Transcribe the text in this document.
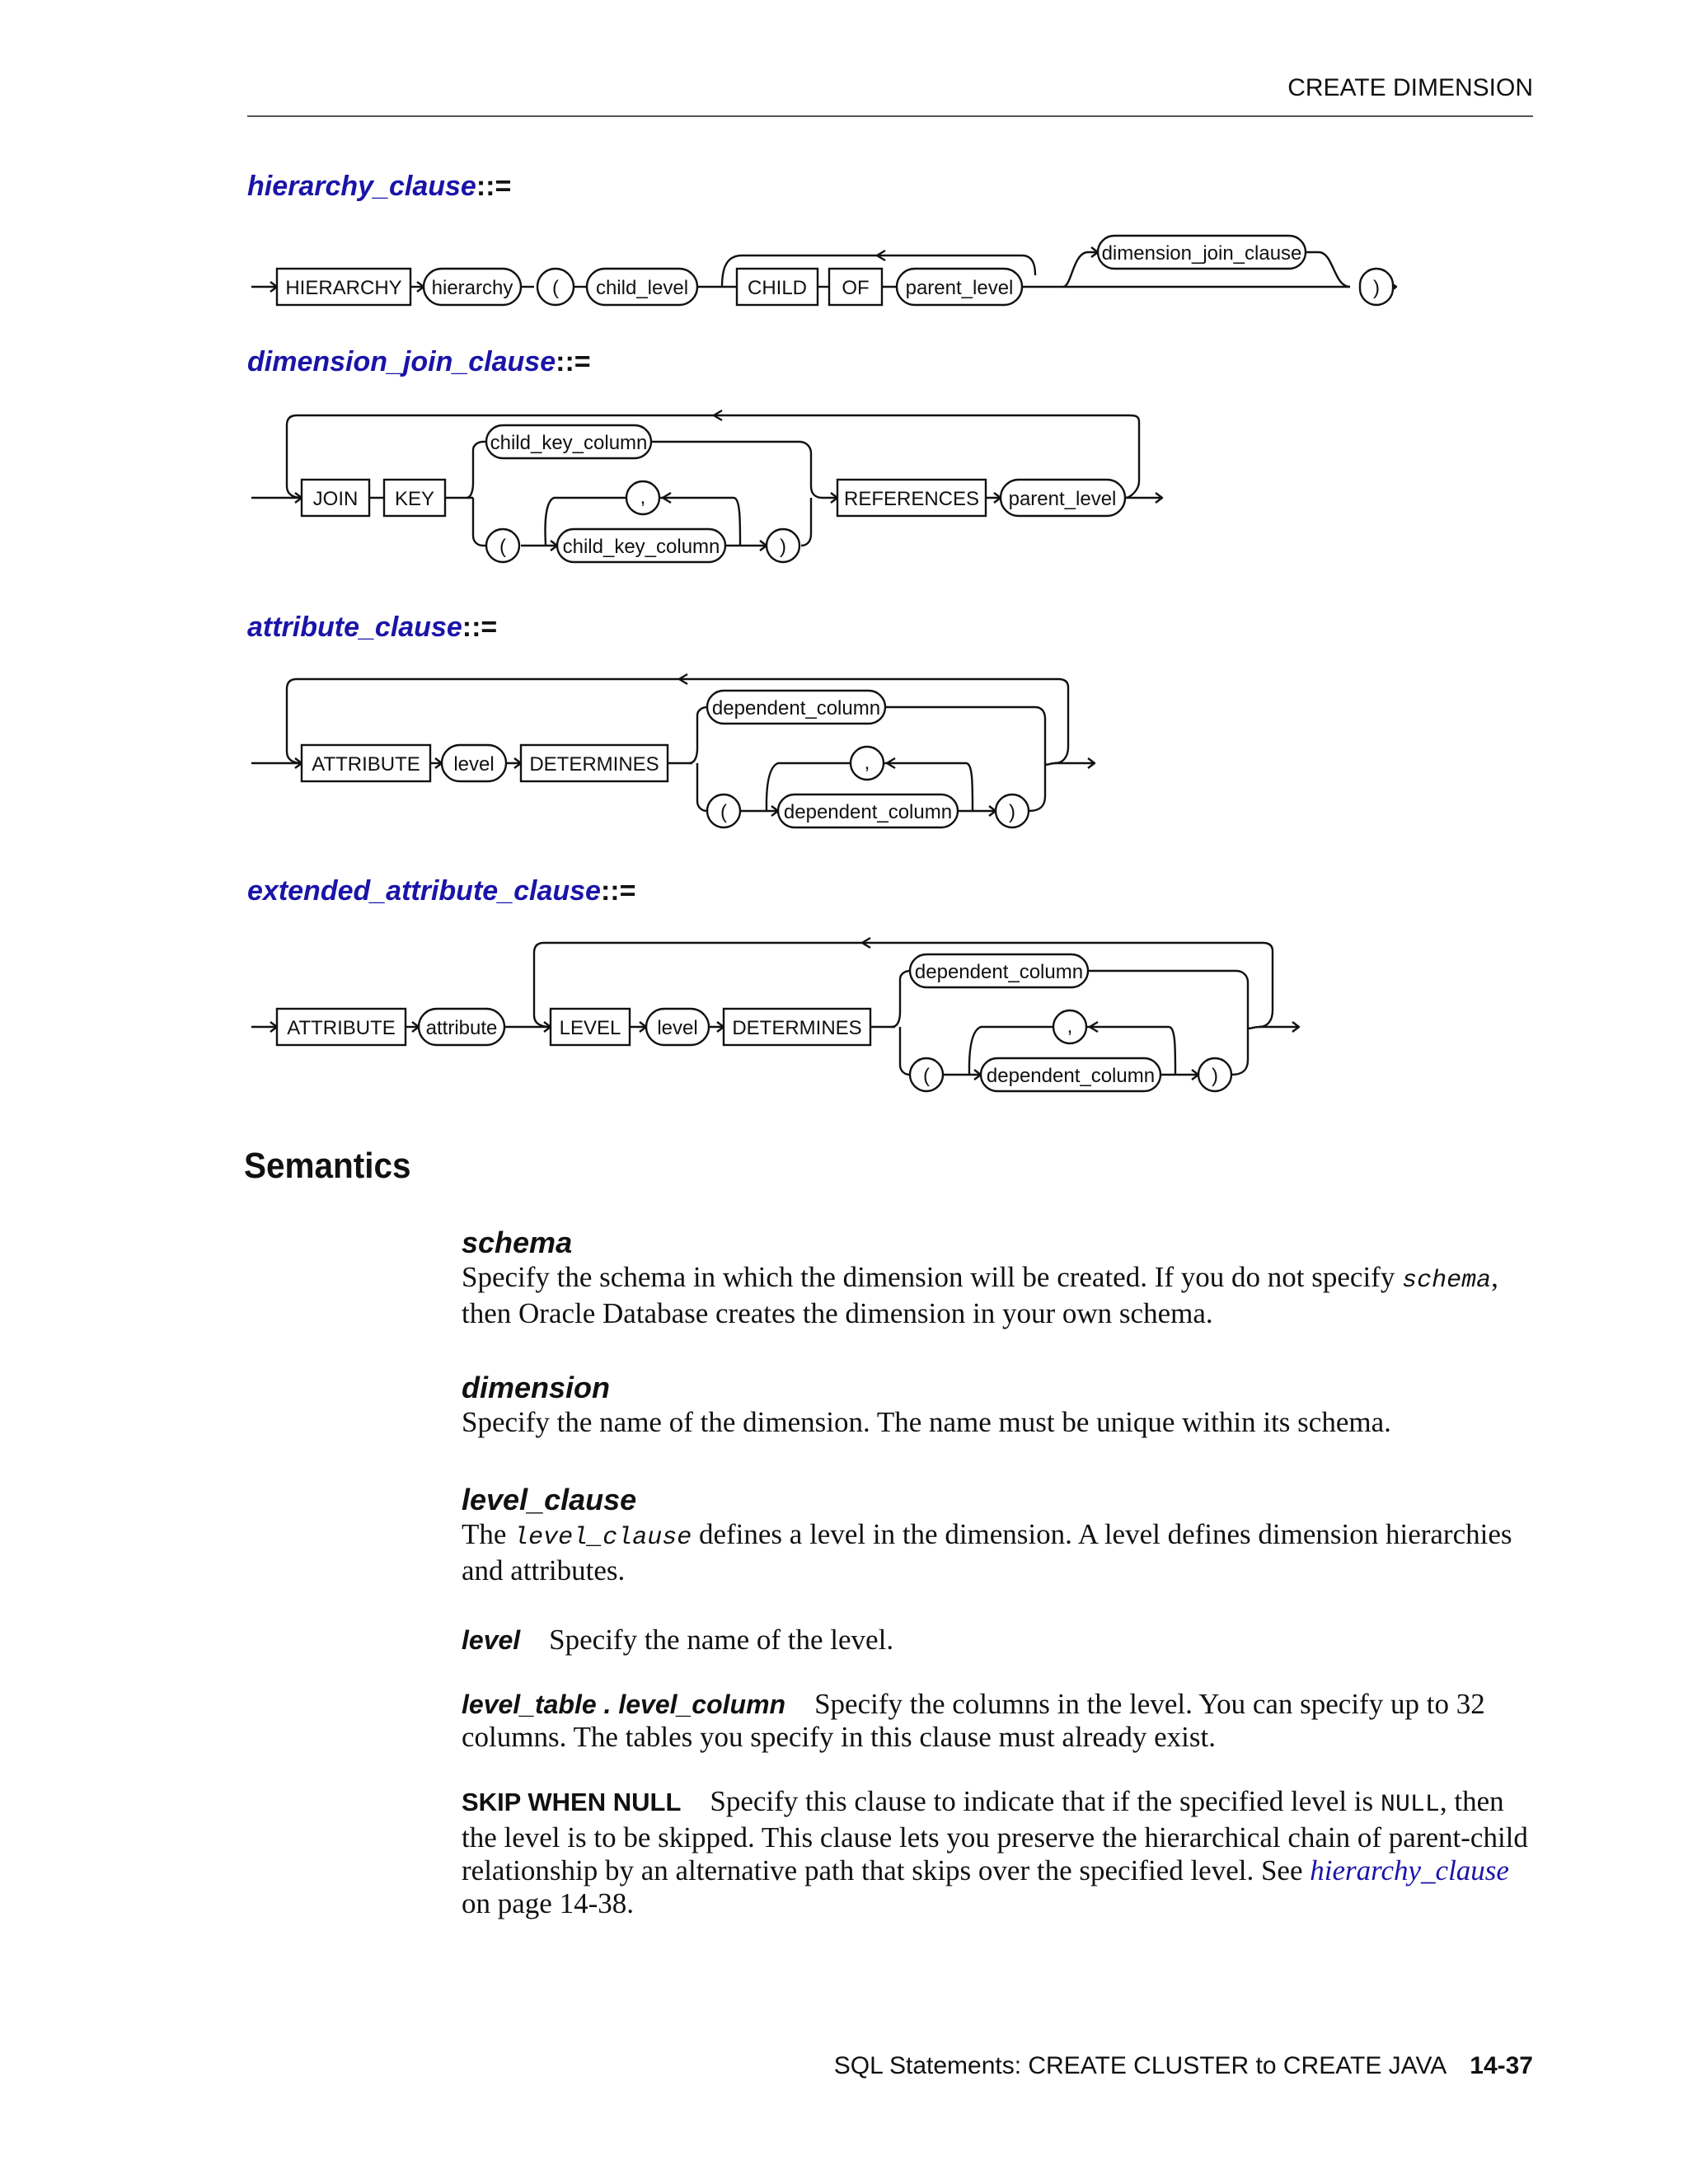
CREATE DIMENSION
hierarchy_clause::=
HIERARCHY hierarchy ( child_level	CHILD OF parent_level
dimension_join_clause
)
dimension_join_clause::=
JOIN KEY
child_key_column
,
(	child_key_column	)
REFERENCES parent_level
attribute_clause::=
ATTRIBUTE level DETERMINES
dependent_column
,
(	dependent_column	)
extended_attribute_clause::=
ATTRIBUTE attribute	LEVEL level DETERMINES
dependent_column
,
(	dependent_column	)
Semantics
schema

Specify the schema in which the dimension will be created. If you do not specify schema, then Oracle Database creates the dimension in your own schema.

dimension

Specify the name of the dimension. The name must be unique within its schema.

level_clause

The level_clause defines a level in the dimension. A level defines dimension hierarchies and attributes.

level Specify the name of the level.

level_table . level_column Specify the columns in the level. You can specify up to 32 columns. The tables you specify in this clause must already exist.

SKIP WHEN NULL Specify this clause to indicate that if the specified level is NULL, then the level is to be skipped. This clause lets you preserve the hierarchical chain of parent-child relationship by an alternative path that skips over the specified level. See hierarchy_clause on page 14-38.

SQL Statements: CREATE CLUSTER to CREATE JAVA 14-37
